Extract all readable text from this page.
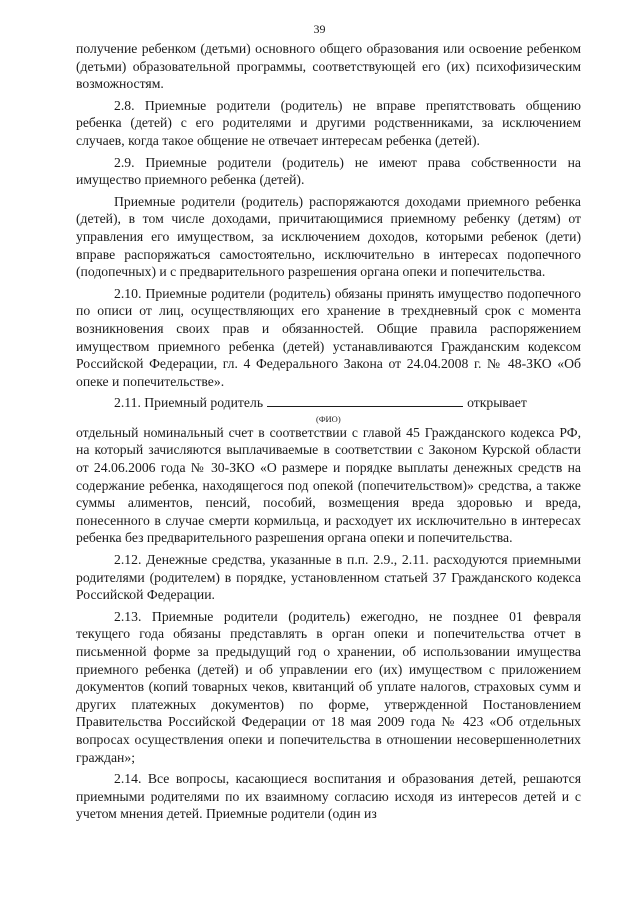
39

получение ребенком (детьми) основного общего образования или освоение ребенком (детьми) образовательной программы, соответствующей его (их) психофизическим возможностям.

2.8. Приемные родители (родитель) не вправе препятствовать общению ребенка (детей) с его родителями и другими родственниками, за исключением случаев, когда такое общение не отвечает интересам ребенка (детей).

2.9. Приемные родители (родитель) не имеют права собственности на имущество приемного ребенка (детей).

Приемные родители (родитель) распоряжаются доходами приемного ребенка (детей), в том числе доходами, причитающимися приемному ребенку (детям) от управления его имуществом, за исключением доходов, которыми ребенок (дети) вправе распоряжаться самостоятельно, исключительно в интересах подопечного (подопечных) и с предварительного разрешения органа опеки и попечительства.

2.10. Приемные родители (родитель) обязаны принять имущество подопечного по описи от лиц, осуществляющих его хранение в трехдневный срок с момента возникновения своих прав и обязанностей. Общие правила распоряжением имуществом приемного ребенка (детей) устанавливаются Гражданским кодексом Российской Федерации, гл. 4 Федерального Закона от 24.04.2008 г. № 48-ЗКО «Об опеке и попечительстве».

2.11. Приемный родитель	открывает

(ФИО)

отдельный номинальный счет в соответствии с главой 45 Гражданского кодекса РФ, на который зачисляются выплачиваемые в соответствии с Законом Курской области от 24.06.2006 года № 30-ЗКО «О размере и порядке выплаты денежных средств на содержание ребенка, находящегося под опекой (попечительством)» средства, а также суммы алиментов, пенсий, пособий, возмещения вреда здоровью и вреда, понесенного в случае смерти кормильца, и расходует их исключительно в интересах ребенка без предварительного разрешения органа опеки и попечительства.

2.12. Денежные средства, указанные в п.п. 2.9., 2.11. расходуются приемными родителями (родителем) в порядке, установленном статьей 37 Гражданского кодекса Российской Федерации.

2.13. Приемные родители (родитель) ежегодно, не позднее 01 февраля текущего года обязаны представлять в орган опеки и попечительства отчет в письменной форме за предыдущий год о хранении, об использовании имущества приемного ребенка (детей) и об управлении его (их) имуществом с приложением документов (копий товарных чеков, квитанций об уплате налогов, страховых сумм и других платежных документов) по форме, утвержденной Постановлением Правительства Российской Федерации от 18 мая 2009 года № 423 «Об отдельных вопросах осуществления опеки и попечительства в отношении несовершеннолетних граждан»;

2.14. Все вопросы, касающиеся воспитания и образования детей, решаются приемными родителями по их взаимному согласию исходя из интересов детей и с учетом мнения детей. Приемные родители (один из
